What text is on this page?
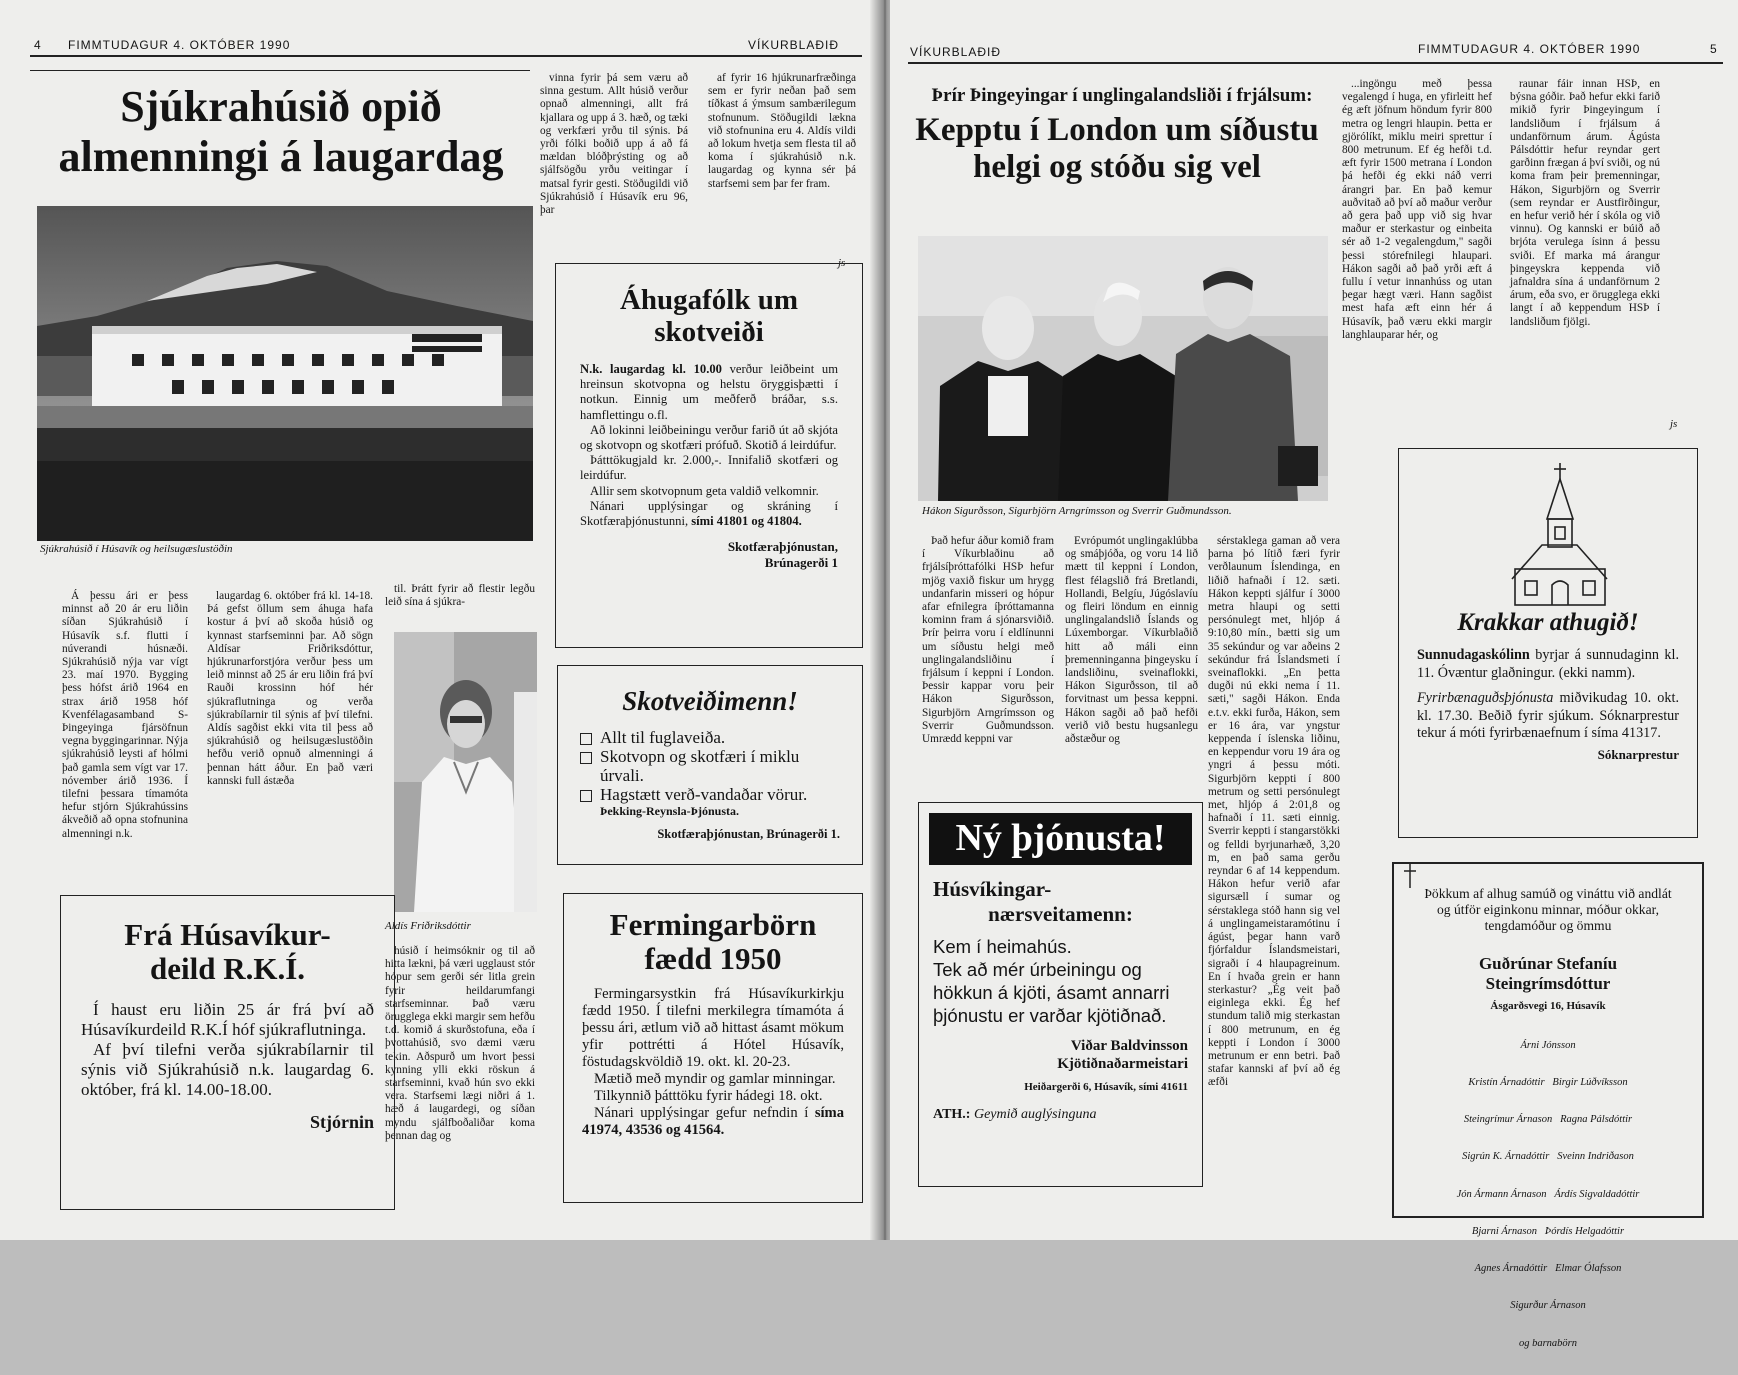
4 FIMMTUDAGUR 4. OKTÓBER 1990	VÍKURBLAÐIÐ
Sjúkrahúsið opið
almenningi á laugardag
Sjúkrahúsið í Húsavík og heilsugæslustöðin

Á þessu ári er þess minnst að 20 ár eru liðin síðan Sjúkrahúsið í Húsavík s.f. flutti í núverandi húsnæði. Sjúkrahúsið nýja var vígt 23. maí 1970. Bygging þess hófst árið 1964 en strax árið 1958 hóf Kvenfélagasamband S-Þingeyinga fjársöfnun vegna byggingarinnar. Nýja sjúkrahúsið leysti af hólmi það gamla sem vígt var 17. nóvember árið 1936. Í tilefni þessara tímamóta hefur stjórn Sjúkrahússins ákveðið að opna stofnunina almenningi n.k.

laugardag 6. október frá kl. 14-18. Þá gefst öllum sem áhuga hafa kostur á því að skoða húsið og kynnast starfseminni þar. Að sögn Aldísar Friðriksdóttur, hjúkrunarforstjóra verður þess um leið minnst að 25 ár eru liðin frá því Rauði krossinn hóf hér sjúkraflutninga og verða sjúkrabílarnir til sýnis af því tilefni. Aldís sagðist ekki vita til þess að sjúkrahúsið og heilsugæslustöðin hefðu verið opnuð almenningi á þennan hátt áður. En það væri kannski full ástæða

til. Þrátt fyrir að flestir legðu leið sína á sjúkra-

Aldís Friðriksdóttir

húsið í heimsóknir og til að hitta lækni, þá væri ugglaust stór hópur sem gerði sér litla grein fyrir heildarumfangi starfseminnar. Það væru örugglega ekki margir sem hefðu t.d. komið á skurðstofuna, eða í þvottahúsið, svo dæmi væru tekin. Aðspurð um hvort þessi kynning ylli ekki röskun á starfseminni, kvað hún svo ekki vera. Starfsemi lægi niðri á 1. hæð á laugardegi, og síðan myndu sjálfboðaliðar koma þennan dag og

vinna fyrir þá sem væru að sinna gestum. Allt húsið verður opnað almenningi, allt frá kjallara og upp á 3. hæð, og tæki og verkfæri yrðu til sýnis. Þá yrði fólki boðið upp á að fá mældan blóðþrýsting og að sjálfsögðu yrðu veitingar í matsal fyrir gesti. Stöðugildi við Sjúkrahúsið í Húsavík eru 96, þar

af fyrir 16 hjúkrunarfræðinga sem er fyrir neðan það sem tíðkast á ýmsum sambærilegum stofnunum. Stöðugildi lækna við stofnunina eru 4. Aldís vildi að lokum hvetja sem flesta til að koma í sjúkrahúsið n.k. laugardag og kynna sér þá starfsemi sem þar fer fram.

js
Frá Húsavíkur-
deild R.K.Í.
Í haust eru liðin 25 ár frá því að Húsavíkurdeild R.K.Í hóf sjúkraflutninga.
Af því tilefni verða sjúkrabílarnir til sýnis við Sjúkrahúsið n.k. laugardag 6. október, frá kl. 14.00-18.00.
Stjórnin
Áhugafólk um
skotveiði
N.k. laugardag kl. 10.00 verður leiðbeint um hreinsun skotvopna og helstu öryggisþætti í notkun. Einnig um meðferð bráðar, s.s. hamflettingu o.fl.
Að lokinni leiðbeiningu verður farið út að skjóta og skotvopn og skotfæri prófuð. Skotið á leirdúfur.
Þátttökugjald kr. 2.000,-. Innifalið skotfæri og leirdúfur.
Allir sem skotvopnum geta valdið velkomnir.
Nánari upplýsingar og skráning í Skotfæraþjónustunni, sími 41801 og 41804.
Skotfæraþjónustan,
Brúnagerði 1
Skotveiðimenn!
Allt til fuglaveiða.
Skotvopn og skotfæri í miklu úrvali.
Hagstætt verð-vandaðar vörur.
Þekking-Reynsla-Þjónusta.
Skotfæraþjónustan, Brúnagerði 1.
Fermingarbörn
fædd 1950
Fermingarsystkin frá Húsavíkurkirkju fædd 1950. Í tilefni merkilegra tímamóta á þessu ári, ætlum við að hittast ásamt mökum yfir pottrétti á Hótel Húsavík, föstudagskvöldið 19. okt. kl. 20-23.
Mætið með myndir og gamlar minningar.
Tilkynnið þátttöku fyrir hádegi 18. okt.
Nánari upplýsingar gefur nefndin í síma 41974, 43536 og 41564.
VÍKURBLAÐIÐ	FIMMTUDAGUR 4. OKTÓBER 1990	5
Þrír Þingeyingar í unglingalandsliði í frjálsum:
Kepptu í London um síðustu
helgi og stóðu sig vel
Hákon Sigurðsson, Sigurbjörn Arngrímsson og Sverrir Guðmundsson.

...ingöngu með þessa vegalengd í huga, en yfirleitt hef ég æft jöfnum höndum fyrir 800 metra og lengri hlaupin. Þetta er gjörólíkt, miklu meiri sprettur í 800 metrunum. Ef ég hefði t.d. æft fyrir 1500 metrana í London þá hefði ég ekki náð verri árangri þar. En það kemur auðvitað að því að maður verður að gera það upp við sig hvar maður er sterkastur og einbeita sér að 1-2 vegalengdum," sagði þessi stórefnilegi hlaupari. Hákon sagði að það yrði æft á fullu í vetur innanhúss og utan þegar hægt væri. Hann sagðist mest hafa æft einn hér á Húsavík, það væru ekki margir langhlauparar hér, og

raunar fáir innan HSÞ, en býsna góðir. Það hefur ekki farið mikið fyrir Þingeyingum í landsliðum í frjálsum á undanförnum árum. Ágústa Pálsdóttir hefur reyndar gert garðinn frægan á því sviði, og nú koma fram þeir þremenningar, Hákon, Sigurbjörn og Sverrir (sem reyndar er Austfirðingur, en hefur verið hér í skóla og við vinnu). Og kannski er búið að brjóta verulega ísinn á þessu sviði. Ef marka má árangur þingeyskra keppenda við jafnaldra sína á undanförnum 2 árum, eða svo, er örugglega ekki langt í að keppendum HSÞ í landsliðum fjölgi.

js

Það hefur áður komið fram í Víkurblaðinu að frjálsíþróttafólki HSÞ hefur mjög vaxið fiskur um hrygg undanfarin misseri og hópur afar efnilegra íþróttamanna kominn fram á sjónarsviðið. Þrír þeirra voru í eldlínunni um síðustu helgi með unglingalandsliðinu í frjálsum í keppni í London. Þessir kappar voru þeir Hákon Sigurðsson, Sigurbjörn Arngrímsson og Sverrir Guðmundsson. Umrædd keppni var

Evrópumót unglingaklúbba og smáþjóða, og voru 14 lið mætt til keppni í London, flest félagslið frá Bretlandi, Hollandi, Belgíu, Júgóslavíu og fleiri löndum en einnig unglingalandslið Íslands og Lúxemborgar. Víkurblaðið hitt að máli einn þremenninganna þingeysku í landsliðinu, sveinaflokki, Hákon Sigurðsson, til að forvitnast um þessa keppni. Hákon sagði að það hefði verið við bestu hugsanlegu aðstæður og

sérstaklega gaman að vera þarna þó lítið færi fyrir verðlaunum Íslendinga, en liðið hafnaði í 12. sæti. Hákon keppti sjálfur í 3000 metra hlaupi og setti persónulegt met, hljóp á 9:10,80 mín., bætti sig um 35 sekúndur og var aðeins 2 sekúndur frá Íslandsmeti í sveinaflokki. „En þetta dugði nú ekki nema í 11. sæti," sagði Hákon. Enda e.t.v. ekki furða, Hákon, sem er 16 ára, var yngstur keppenda í íslenska liðinu, en keppendur voru 19 ára og yngri á þessu móti. Sigurbjörn keppti í 800 metrum og setti persónulegt met, hljóp á 2:01,8 og hafnaði í 11. sæti einnig. Sverrir keppti í stangarstökki og felldi byrjunarhæð, 3,20 m, en það sama gerðu reyndar 6 af 14 keppendum. Hákon hefur verið afar sigursæll í sumar og sérstaklega stóð hann sig vel á unglingameistaramótinu í ágúst, þegar hann varð fjórfaldur Íslandsmeistari, sigraði í 4 hlaupagreinum. En í hvaða grein er hann sterkastur? „Ég veit það eiginlega ekki. Ég hef stundum talið mig sterkastan í 800 metrunum, en ég keppti í London í 3000 metrunum er enn betri. Það stafar kannski af því að ég æfði

Ný þjónusta!
Húsvíkingar-
nærsveitamenn:
Kem í heimahús.
Tek að mér úrbeiningu og hökkun á kjöti, ásamt annarri þjónustu er varðar kjötiðnað.
Viðar Baldvinsson
Kjötiðnaðarmeistari
Heiðargerði 6, Húsavík, sími 41611
ATH.: Geymið auglýsinguna
Krakkar athugið!
Sunnudagaskólinn byrjar á sunnudaginn kl. 11. Óvæntur glaðningur. (ekki namm).
Fyrirbænaguðsþjónusta miðvikudag 10. okt. kl. 17.30. Beðið fyrir sjúkum. Sóknarprestur tekur á móti fyrirbænaefnum í síma 41317.
Sóknarprestur
Þökkum af alhug samúð og vináttu við andlát og útför eiginkonu minnar, móður okkar, tengdamóður og ömmu
Guðrúnar Stefaníu
Steingrímsdóttur
Ásgarðsvegi 16, Húsavík

Árni Jónsson

Kristín Árnadóttir   Birgir Lúðvíksson

Steingrímur Árnason   Ragna Pálsdóttir

Sigrún K. Árnadóttir   Sveinn Indriðason

Jón Ármann Árnason   Árdís Sigvaldadóttir

Bjarni Árnason   Þórdís Helgadóttir

Agnes Árnadóttir   Elmar Ólafsson

Sigurður Árnason

og barnabörn
